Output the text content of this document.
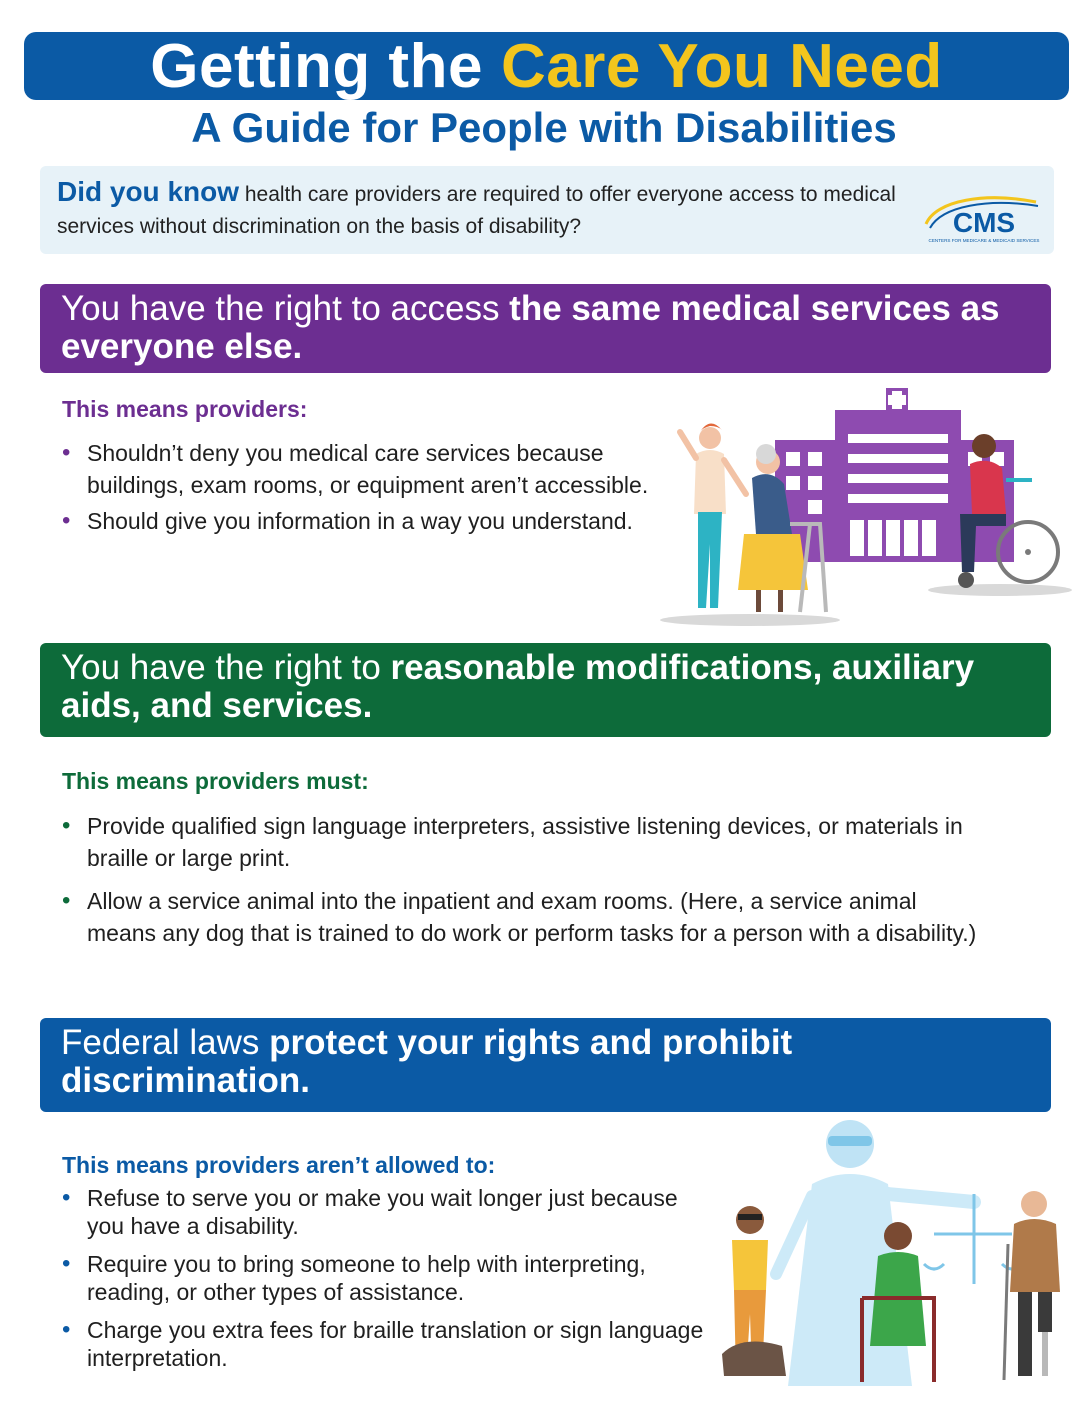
Getting the Care You Need
A Guide for People with Disabilities
Did you know health care providers are required to offer everyone access to medical services without discrimination on the basis of disability?	CMS
CENTERS FOR MEDICARE & MEDICAID SERVICES
You have the right to access the same medical services as everyone else.
This means providers:
• Shouldn’t deny you medical care services because buildings, exam rooms, or equipment aren’t accessible.
• Should give you information in a way you understand.
You have the right to reasonable modifications, auxiliary aids, and services.
This means providers must:
• Provide qualified sign language interpreters, assistive listening devices, or materials in braille or large print.
• Allow a service animal into the inpatient and exam rooms. (Here, a service animal means any dog that is trained to do work or perform tasks for a person with a disability.)
Federal laws protect your rights and prohibit discrimination.
This means providers aren’t allowed to:
• Refuse to serve you or make you wait longer just because you have a disability.
• Require you to bring someone to help with interpreting, reading, or other types of assistance.
• Charge you extra fees for braille translation or sign language interpretation.
